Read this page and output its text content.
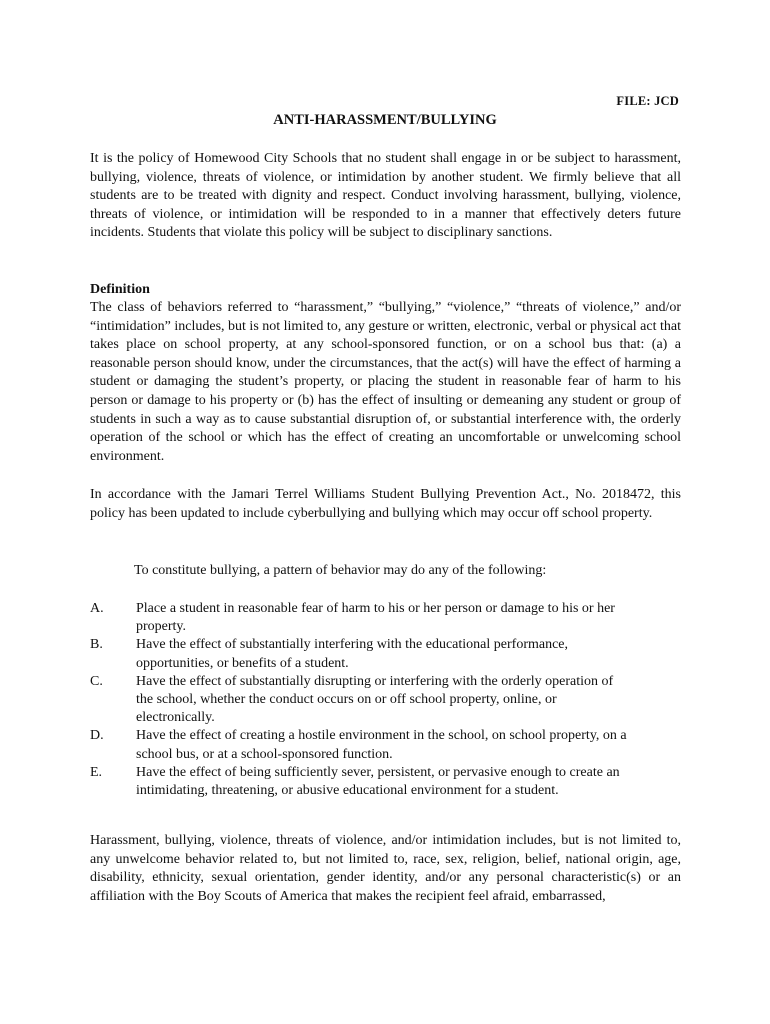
FILE: JCD
ANTI-HARASSMENT/BULLYING

It is the policy of Homewood City Schools that no student shall engage in or be subject to harassment, bullying, violence, threats of violence, or intimidation by another student. We firmly believe that all students are to be treated with dignity and respect. Conduct involving harassment, bullying, violence, threats of violence, or intimidation will be responded to in a manner that effectively deters future incidents. Students that violate this policy will be subject to disciplinary sanctions.

Definition

The class of behaviors referred to “harassment,” “bullying,” “violence,” “threats of violence,” and/or “intimidation” includes, but is not limited to, any gesture or written, electronic, verbal or physical act that takes place on school property, at any school-sponsored function, or on a school bus that: (a) a reasonable person should know, under the circumstances, that the act(s) will have the effect of harming a student or damaging the student’s property, or placing the student in reasonable fear of harm to his person or damage to his property or (b) has the effect of insulting or demeaning any student or group of students in such a way as to cause substantial disruption of, or substantial interference with, the orderly operation of the school or which has the effect of creating an uncomfortable or unwelcoming school environment.

In accordance with the Jamari Terrel Williams Student Bullying Prevention Act., No. 2018472, this policy has been updated to include cyberbullying and bullying which may occur off school property.

To constitute bullying, a pattern of behavior may do any of the following:

A.	Place a student in reasonable fear of harm to his or her person or damage to his or her property.
B.	Have the effect of substantially interfering with the educational performance, opportunities, or benefits of a student.
C.	Have the effect of substantially disrupting or interfering with the orderly operation of the school, whether the conduct occurs on or off school property, online, or electronically.
D.	Have the effect of creating a hostile environment in the school, on school property, on a school bus, or at a school-sponsored function.
E.	Have the effect of being sufficiently sever, persistent, or pervasive enough to create an intimidating, threatening, or abusive educational environment for a student.

Harassment, bullying, violence, threats of violence, and/or intimidation includes, but is not limited to, any unwelcome behavior related to, but not limited to, race, sex, religion, belief, national origin, age, disability, ethnicity, sexual orientation, gender identity, and/or any personal characteristic(s) or an affiliation with the Boy Scouts of America that makes the recipient feel afraid, embarrassed,
